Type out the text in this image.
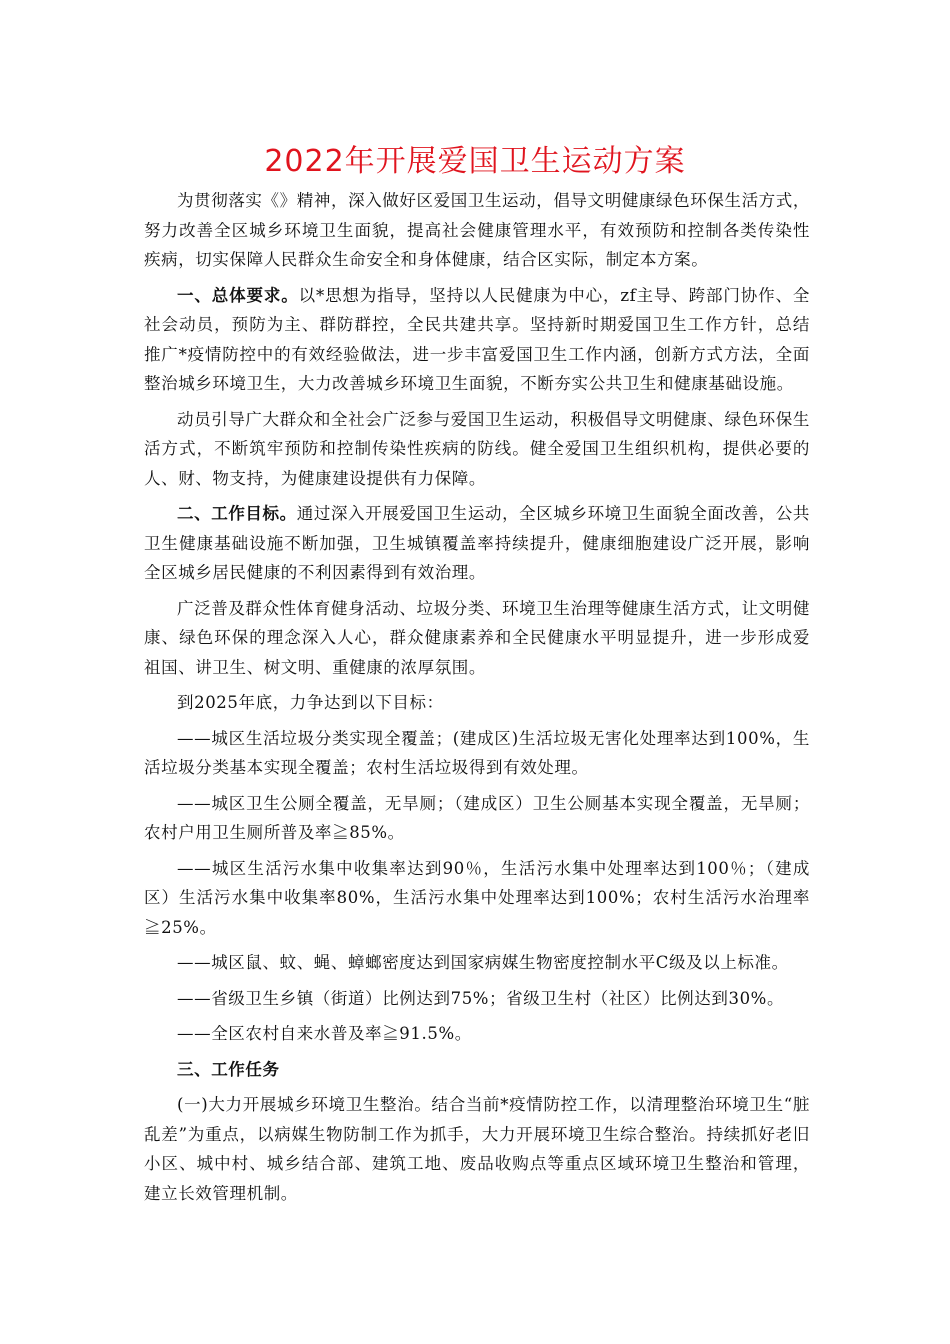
2022年开展爱国卫生运动方案

为贯彻落实《》精神，深入做好区爱国卫生运动，倡导文明健康绿色环保生活方式，努力改善全区城乡环境卫生面貌，提高社会健康管理水平，有效预防和控制各类传染性疾病，切实保障人民群众生命安全和身体健康，结合区实际，制定本方案。

一、总体要求。以*思想为指导，坚持以人民健康为中心，zf主导、跨部门协作、全社会动员，预防为主、群防群控，全民共建共享。坚持新时期爱国卫生工作方针，总结推广*疫情防控中的有效经验做法，进一步丰富爱国卫生工作内涵，创新方式方法，全面整治城乡环境卫生，大力改善城乡环境卫生面貌，不断夯实公共卫生和健康基础设施。

动员引导广大群众和全社会广泛参与爱国卫生运动，积极倡导文明健康、绿色环保生活方式，不断筑牢预防和控制传染性疾病的防线。健全爱国卫生组织机构，提供必要的人、财、物支持，为健康建设提供有力保障。

二、工作目标。通过深入开展爱国卫生运动，全区城乡环境卫生面貌全面改善，公共卫生健康基础设施不断加强，卫生城镇覆盖率持续提升，健康细胞建设广泛开展，影响全区城乡居民健康的不利因素得到有效治理。

广泛普及群众性体育健身活动、垃圾分类、环境卫生治理等健康生活方式，让文明健康、绿色环保的理念深入人心，群众健康素养和全民健康水平明显提升，进一步形成爱祖国、讲卫生、树文明、重健康的浓厚氛围。

到2025年底，力争达到以下目标：

——城区生活垃圾分类实现全覆盖；(建成区)生活垃圾无害化处理率达到100%，生活垃圾分类基本实现全覆盖；农村生活垃圾得到有效处理。

——城区卫生公厕全覆盖，无旱厕；（建成区）卫生公厕基本实现全覆盖，无旱厕；农村户用卫生厕所普及率≧85%。

——城区生活污水集中收集率达到90％，生活污水集中处理率达到100％；（建成区）生活污水集中收集率80%，生活污水集中处理率达到100%；农村生活污水治理率≧25%。

——城区鼠、蚊、蝇、蟑螂密度达到国家病媒生物密度控制水平C级及以上标准。

——省级卫生乡镇（街道）比例达到75%；省级卫生村（社区）比例达到30%。

——全区农村自来水普及率≧91.5%。

三、工作任务

(一)大力开展城乡环境卫生整治。结合当前*疫情防控工作，以清理整治环境卫生“脏乱差”为重点，以病媒生物防制工作为抓手，大力开展环境卫生综合整治。持续抓好老旧小区、城中村、城乡结合部、建筑工地、废品收购点等重点区域环境卫生整治和管理，建立长效管理机制。
